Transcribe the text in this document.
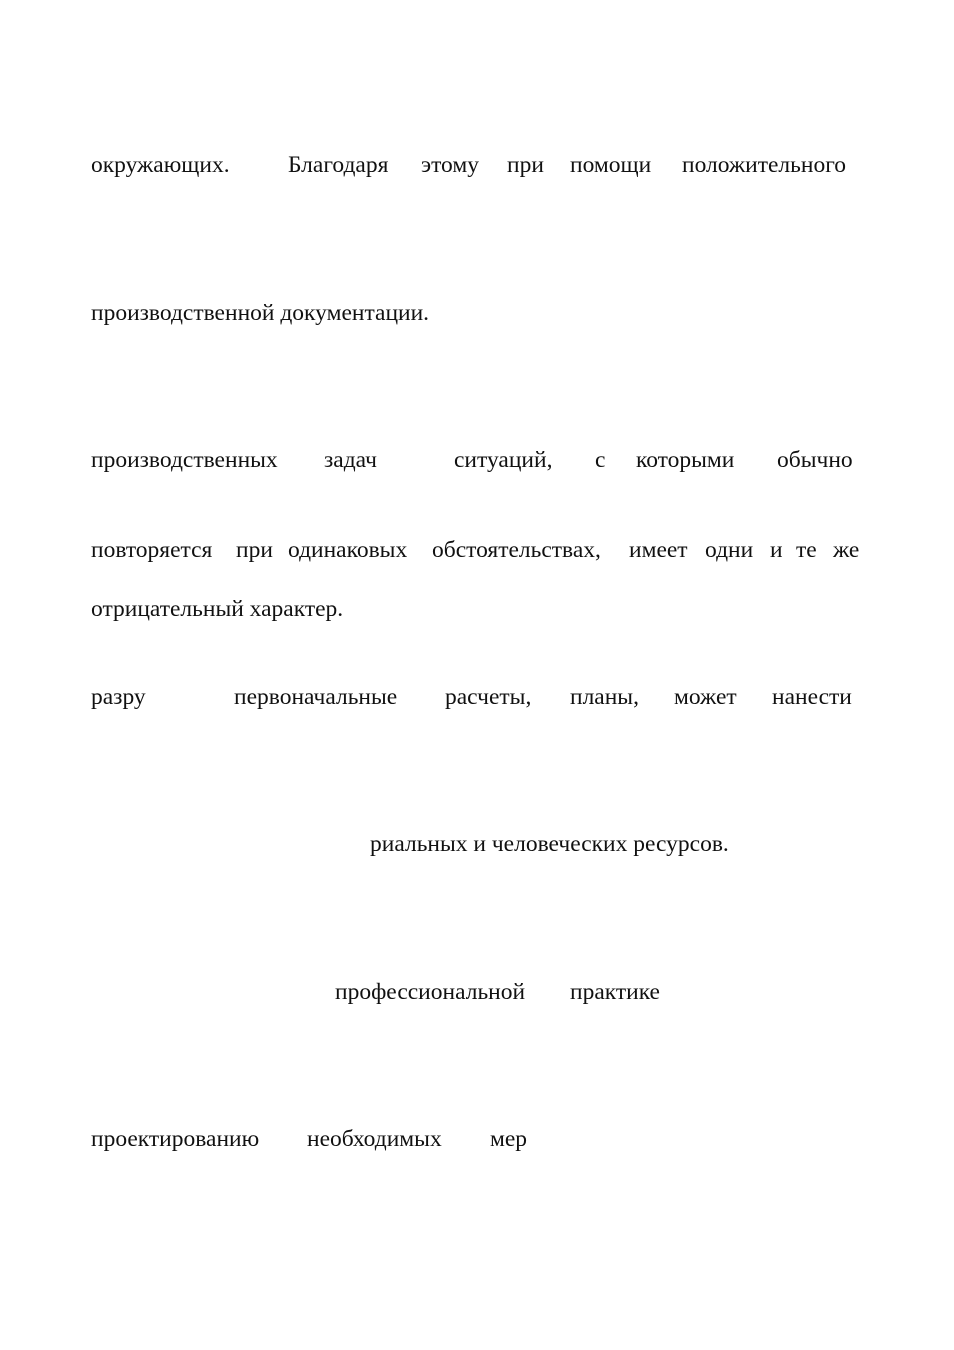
окружающих. Благодаря этому при помощи положительного
производственной документации.
производственных задач	ситуаций, с которыми обычно
повторяется при одинаковых обстоятельствах, имеет одни и те же
отрицательный характер.
разру	первоначальные расчеты, планы, может нанести
риальных и человеческих ресурсов.
профессиональной практике
проектированию необходимых мер
